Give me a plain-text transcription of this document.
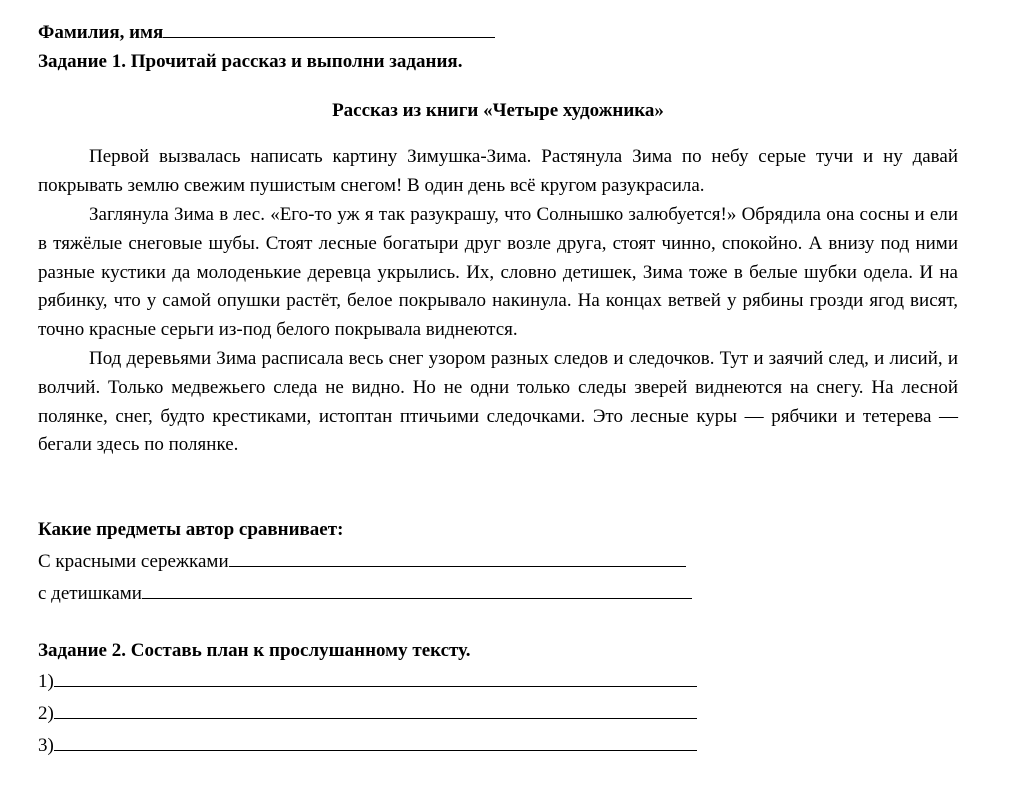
Фамилия, имя
Задание 1. Прочитай рассказ и выполни задания.
Рассказ из книги «Четыре художника»

Первой вызвалась написать картину Зимушка-Зима. Растянула Зима по небу серые тучи и ну давай покрывать землю свежим пушистым снегом! В один день всё кругом разукрасила.

Заглянула Зима в лес. «Его-то уж я так разукрашу, что Солнышко залюбуется!» Обрядила она сосны и ели в тяжёлые снеговые шубы. Стоят лесные богатыри друг возле друга, стоят чинно, спокойно. А внизу под ними разные кустики да молоденькие деревца укрылись. Их, словно детишек, Зима тоже в белые шубки одела. И на рябинку, что у самой опушки растёт, белое покрывало накинула. На концах ветвей у рябины грозди ягод висят, точно красные серьги из-под белого покрывала виднеются.

Под деревьями Зима расписала весь снег узором разных следов и следочков. Тут и заячий след, и лисий, и волчий. Только медвежьего следа не видно. Но не одни только следы зверей виднеются на снегу. На лесной полянке, снег, будто крестиками, истоптан птичьими следочками. Это лесные куры — рябчики и тетерева — бегали здесь по полянке.

Какие предметы автор сравнивает:
С красными сережками
с детишками
Задание 2. Составь план к прослушанному тексту.
1)
2)
3)
